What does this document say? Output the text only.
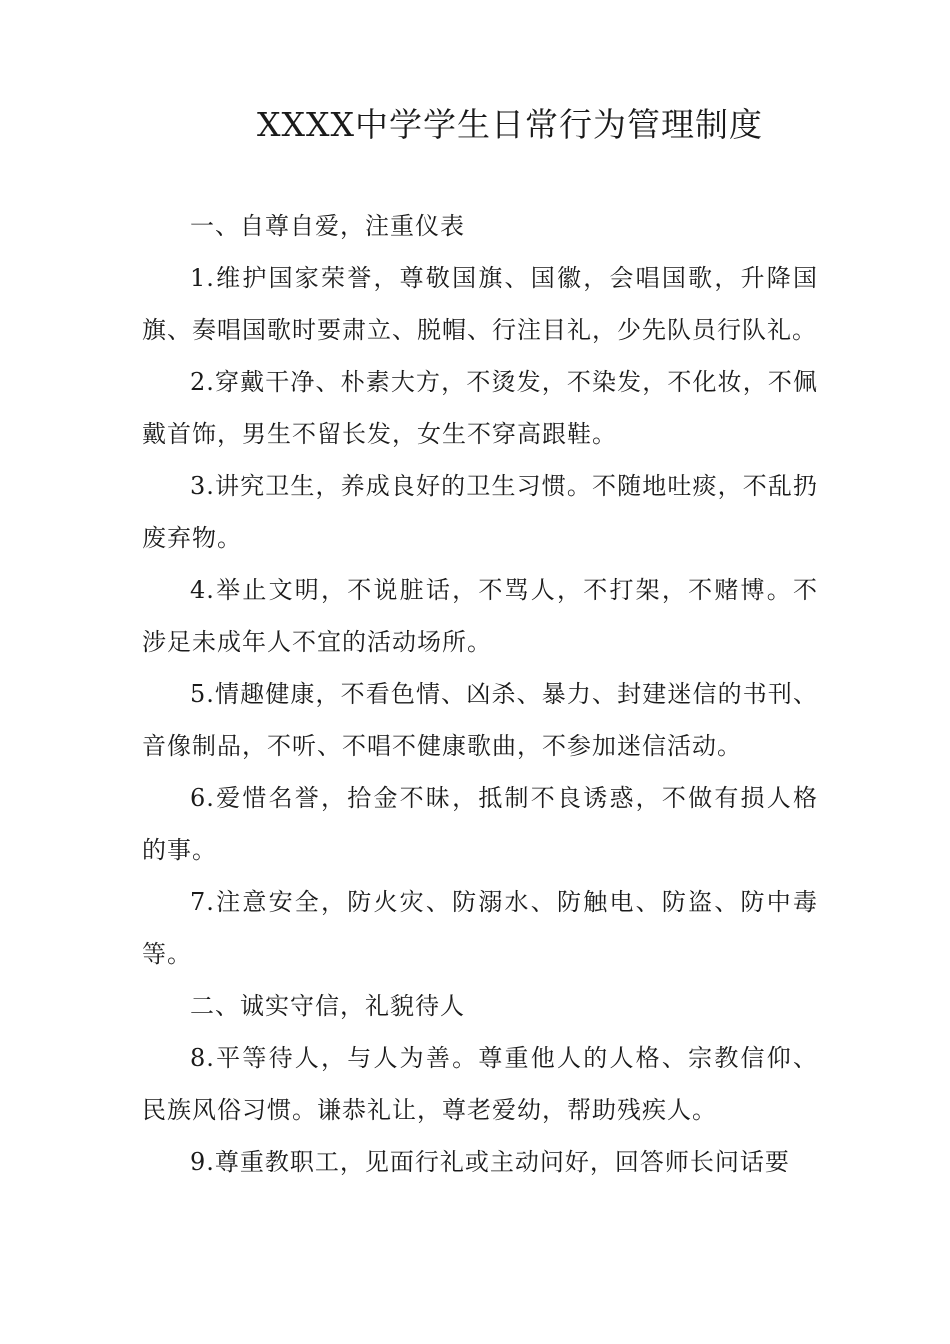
XXXX中学学生日常行为管理制度

一、自尊自爱，注重仪表

1.维护国家荣誉，尊敬国旗、国徽，会唱国歌，升降国旗、奏唱国歌时要肃立、脱帽、行注目礼，少先队员行队礼。

2.穿戴干净、朴素大方，不烫发，不染发，不化妆，不佩戴首饰，男生不留长发，女生不穿高跟鞋。

3.讲究卫生，养成良好的卫生习惯。不随地吐痰，不乱扔废弃物。

4.举止文明，不说脏话，不骂人，不打架，不赌博。不 涉足未成年人不宜的活动场所。

5.情趣健康，不看色情、凶杀、暴力、封建迷信的书刊、音像制品，不听、不唱不健康歌曲，不参加迷信活动。

6.爱惜名誉，拾金不昧，抵制不良诱惑，不做有损人格 的事。

7.注意安全，防火灾、防溺水、防触电、防盗、防中毒等。

二、诚实守信，礼貌待人

8.平等待人，与人为善。尊重他人的人格、宗教信仰、 民族风俗习惯。谦恭礼让，尊老爱幼，帮助残疾人。

9.尊重教职工，见面行礼或主动问好，回答师长问话要
